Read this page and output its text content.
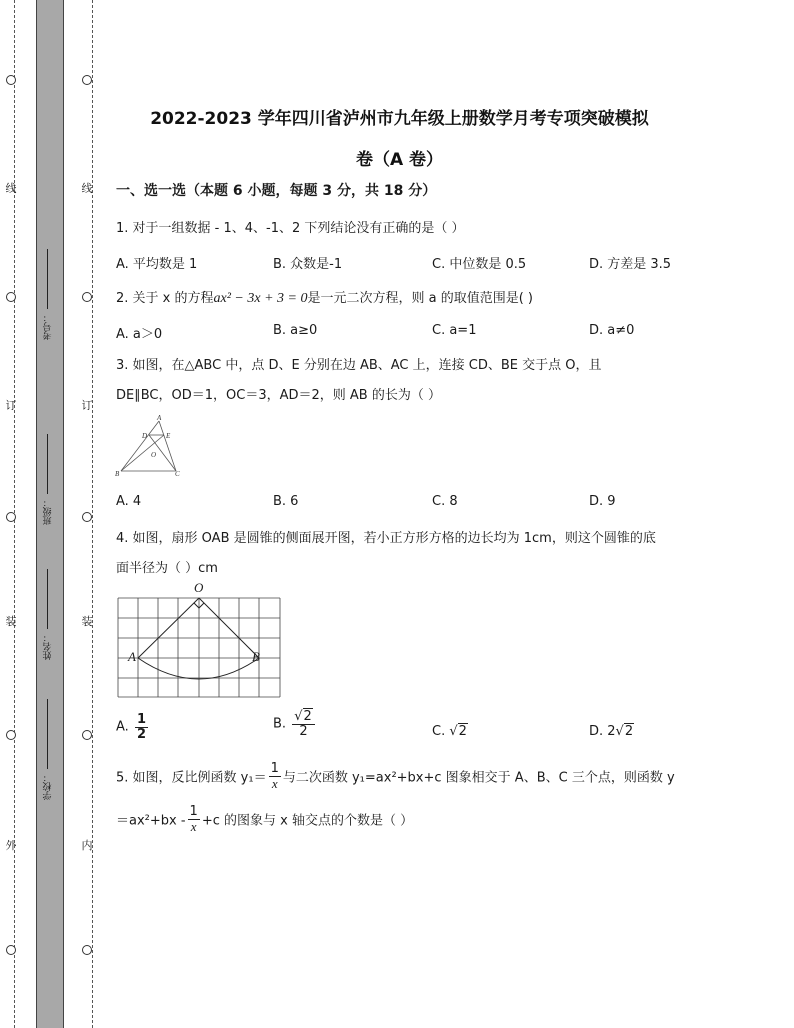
线
订
装
外
线
订
装
内
考号：
班级：
姓名：
学校：
2022-2023 学年四川省泸州市九年级上册数学月考专项突破模拟
卷（A 卷）
一、选一选（本题 6 小题，每题 3 分，共 18 分）
1. 对于一组数据 - 1、4、-1、2 下列结论没有正确的是（ ）
A. 平均数是 1	B. 众数是-1	C. 中位数是 0.5	D. 方差是 3.5
2. 关于 x 的方程ax² − 3x + 3 = 0是一元二次方程，则 a 的取值范围是( )
A. a＞0	B. a≥0	C. a=1	D. a≠0
3. 如图，在△ABC 中，点 D、E 分别在边 AB、AC 上，连接 CD、BE 交于点 O，且
DE∥BC，OD＝1，OC＝3，AD＝2，则 AB 的长为（ ）
A
D	E
O
B	C
A. 4	B. 6	C. 8	D. 9
4. 如图，扇形 OAB 是圆锥的侧面展开图，若小正方形方格的边长均为 1cm，则这个圆锥的底
面半径为（ ）cm
O
A	B
A. $\frac{1}{2}$	B. $\frac{√2}{2}$	C. √2	D. 2√2
5. 如图，反比例函数 $y_1= \frac{1}{x}$ 与二次函数 y₁=ax²+bx+c 图象相交于 A、B、C 三个点，则函数 y
$=ax^2+bx - \frac{1}{x} +c$ 的图象与 x 轴交点的个数是（ ）
